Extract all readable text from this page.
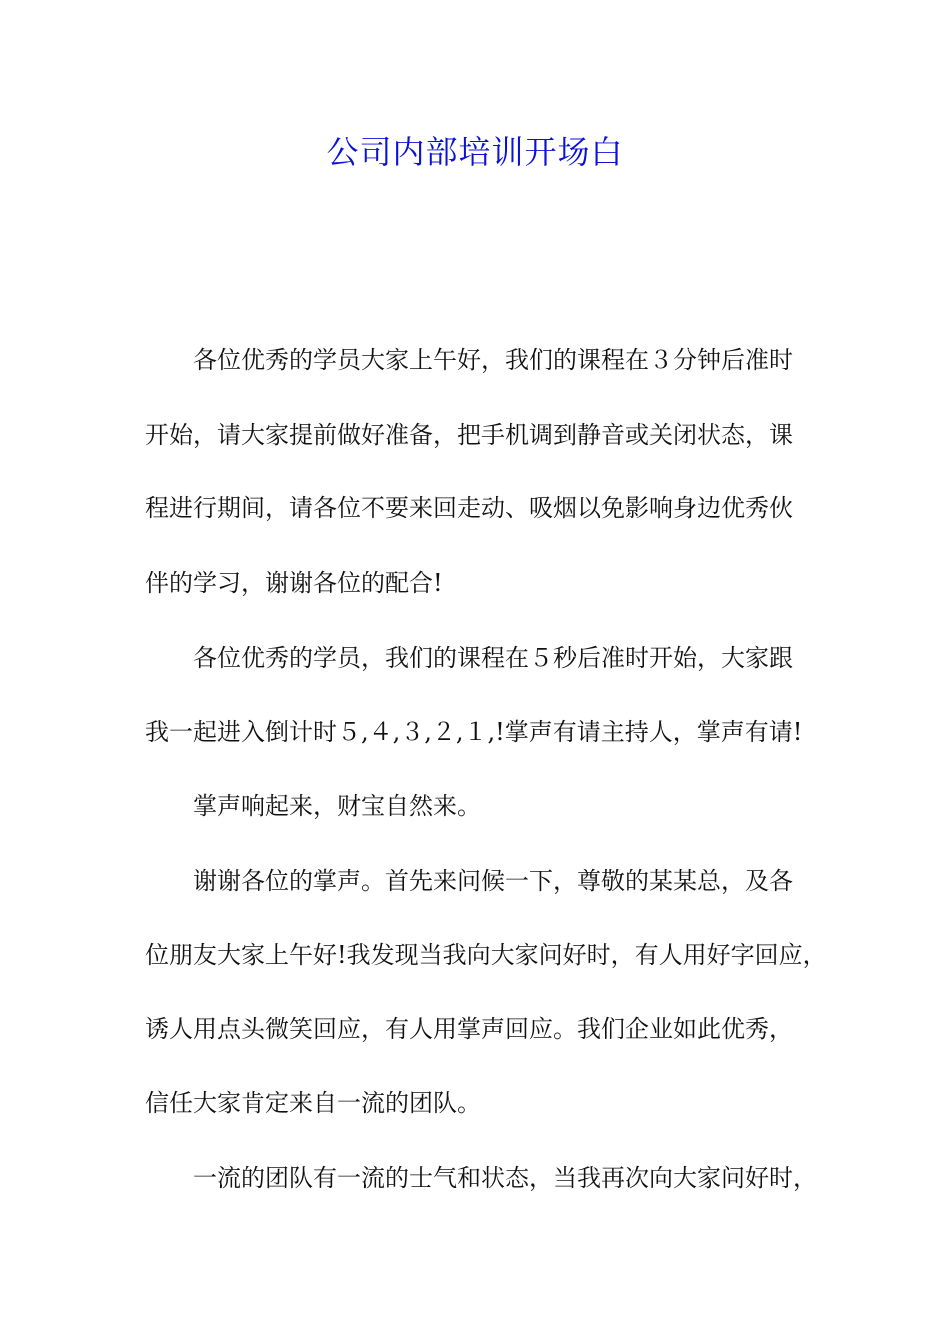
公司内部培训开场白

各位优秀的学员大家上午好，我们的课程在３分钟后准时

开始，请大家提前做好准备，把手机调到静音或关闭状态，课

程进行期间，请各位不要来回走动、吸烟以免影响身边优秀伙

伴的学习，谢谢各位的配合!

各位优秀的学员，我们的课程在５秒后准时开始，大家跟

我一起进入倒计时５,４,３,２,１,!掌声有请主持人，掌声有请!

掌声响起来，财宝自然来。

谢谢各位的掌声。首先来问候一下，尊敬的某某总，及各

位朋友大家上午好!我发现当我向大家问好时，有人用好字回应，

诱人用点头微笑回应，有人用掌声回应。我们企业如此优秀，

信任大家肯定来自一流的团队。

一流的团队有一流的士气和状态，当我再次向大家问好时，
